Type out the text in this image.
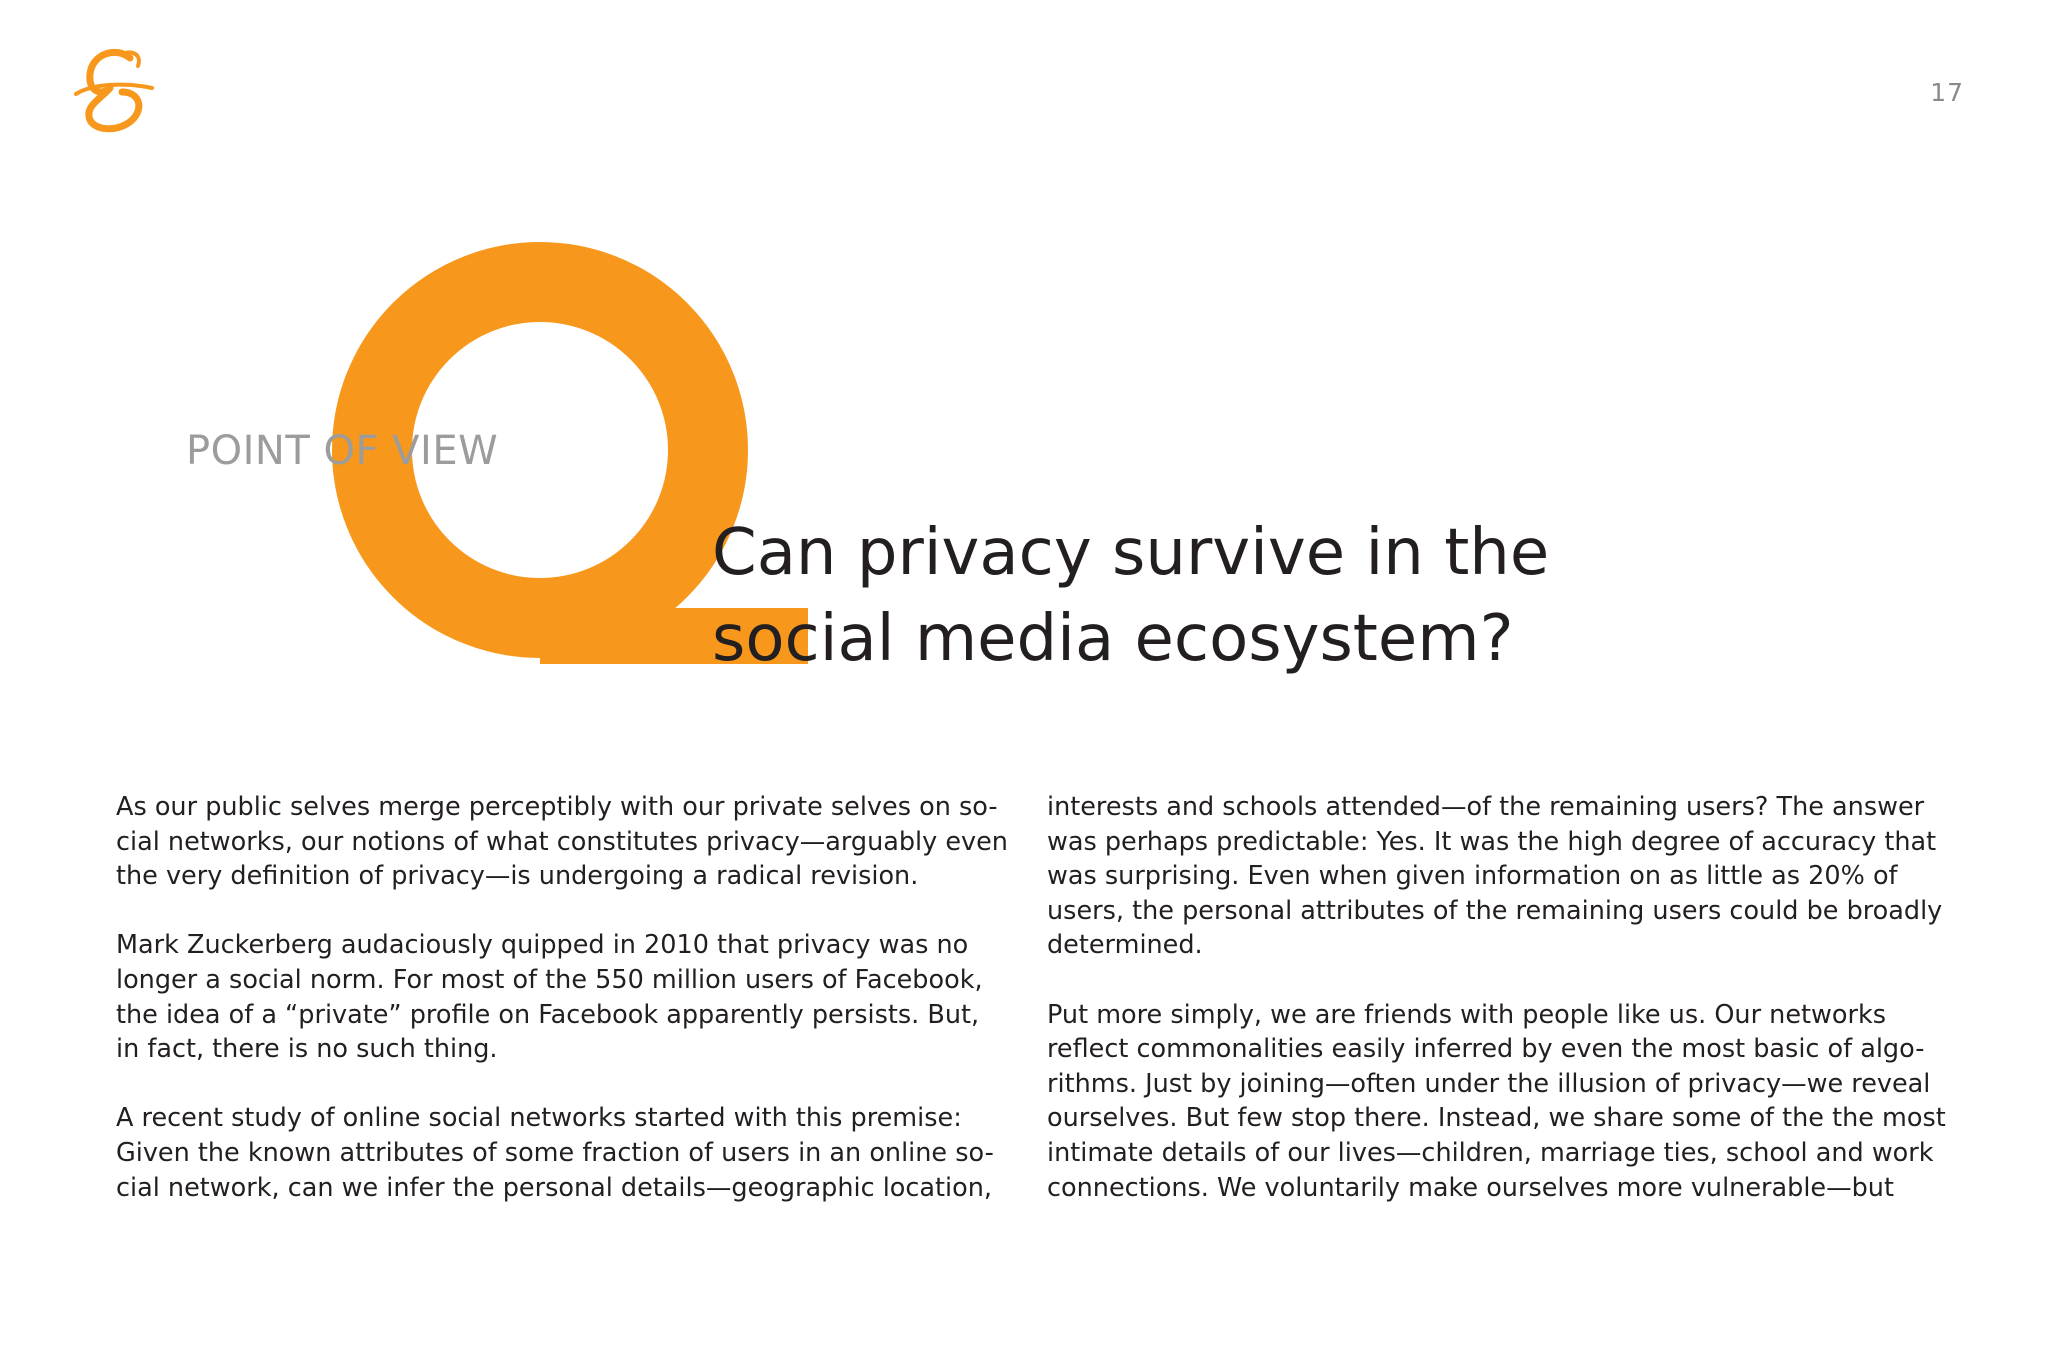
17
POINT OF VIEW
Can privacy survive in the
social media ecosystem?

As our public selves merge perceptibly with our private selves on so-
cial networks, our notions of what constitutes privacy—arguably even
the very definition of privacy—is undergoing a radical revision.

Mark Zuckerberg audaciously quipped in 2010 that privacy was no
longer a social norm. For most of the 550 million users of Facebook,
the idea of a “private” profile on Facebook apparently persists. But,
in fact, there is no such thing.

A recent study of online social networks started with this premise:
Given the known attributes of some fraction of users in an online so-
cial network, can we infer the personal details—geographic location,

interests and schools attended—of the remaining users? The answer
was perhaps predictable: Yes. It was the high degree of accuracy that
was surprising. Even when given information on as little as 20% of
users, the personal attributes of the remaining users could be broadly
determined.

Put more simply, we are friends with people like us. Our networks
reflect commonalities easily inferred by even the most basic of algo-
rithms. Just by joining—often under the illusion of privacy—we reveal
ourselves. But few stop there. Instead, we share some of the the most
intimate details of our lives—children, marriage ties, school and work
connections. We voluntarily make ourselves more vulnerable—but
